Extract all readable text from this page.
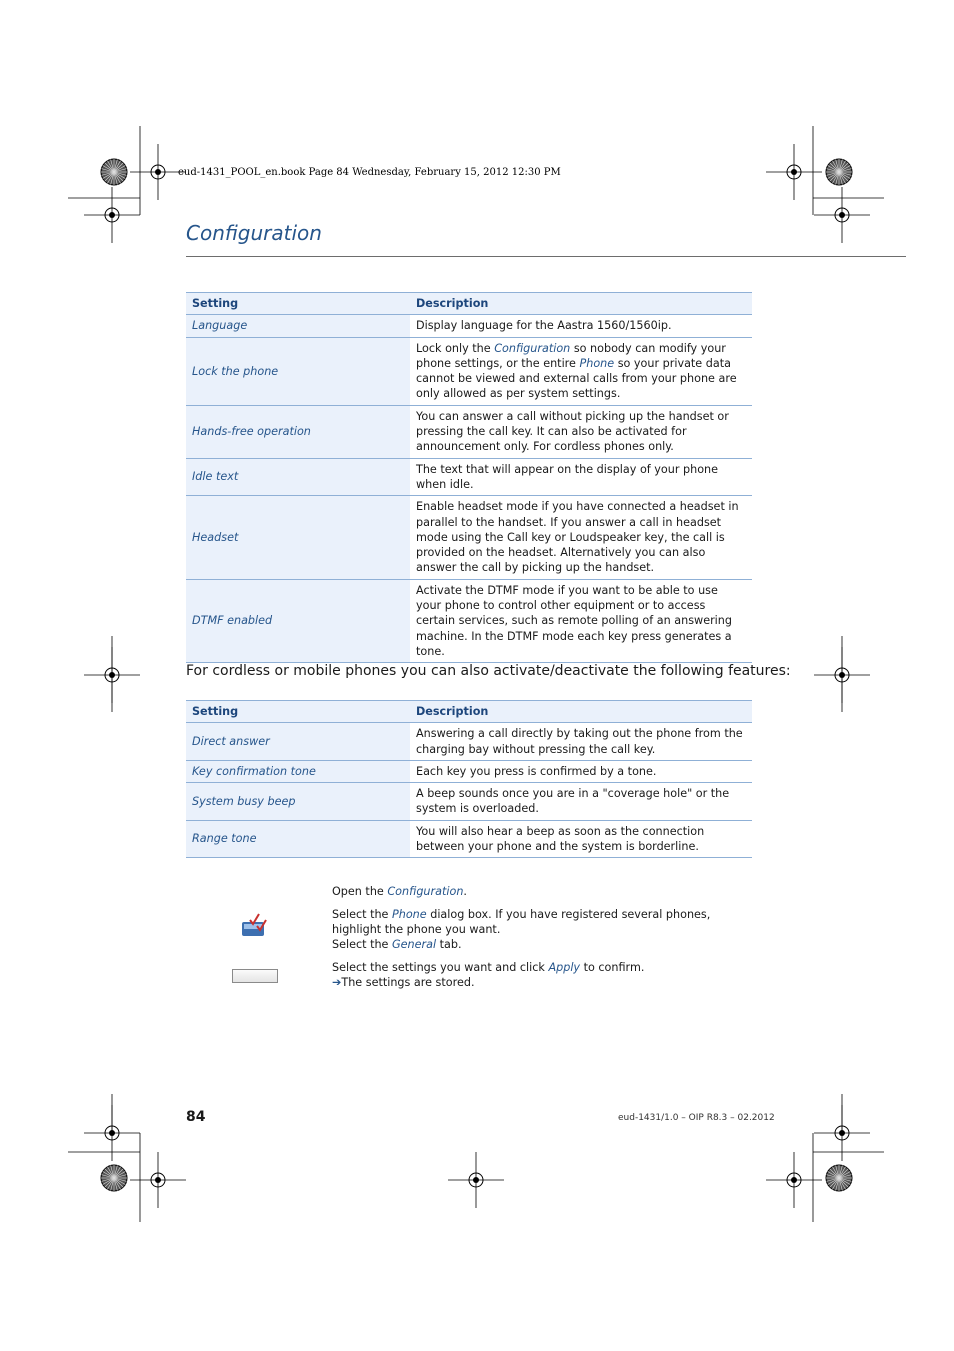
eud-1431_POOL_en.book Page 84 Wednesday, February 15, 2012 12:30 PM
Configuration
Setting	Description
Language	Display language for the Aastra 1560/1560ip.
Lock the phone	Lock only the Configuration so nobody can modify your phone settings, or the entire Phone so your private data cannot be viewed and external calls from your phone are only allowed as per system settings.
Hands-free operation	You can answer a call without picking up the handset or pressing the call key. It can also be activated for announcement only. For cordless phones only.
Idle text	The text that will appear on the display of your phone when idle.
Headset	Enable headset mode if you have connected a headset in parallel to the handset. If you answer a call in headset mode using the Call key or Loudspeaker key, the call is provided on the headset. Alternatively you can also answer the call by picking up the handset.
DTMF enabled	Activate the DTMF mode if you want to be able to use your phone to control other equipment or to access certain services, such as remote polling of an answering machine. In the DTMF mode each key press generates a tone.
For cordless or mobile phones you can also activate/deactivate the following features:
Setting	Description
Direct answer	Answering a call directly by taking out the phone from the charging bay without pressing the call key.
Key confirmation tone	Each key you press is confirmed by a tone.
System busy beep	A beep sounds once you are in a "coverage hole" or the system is overloaded.
Range tone	You will also hear a beep as soon as the connection between your phone and the system is borderline.
Open the Configuration.
Select the Phone dialog box. If you have registered several phones, highlight the phone you want.
Select the General tab.
Select the settings you want and click Apply to confirm.
➔The settings are stored.
84	eud-1431/1.0 – OIP R8.3 – 02.2012
